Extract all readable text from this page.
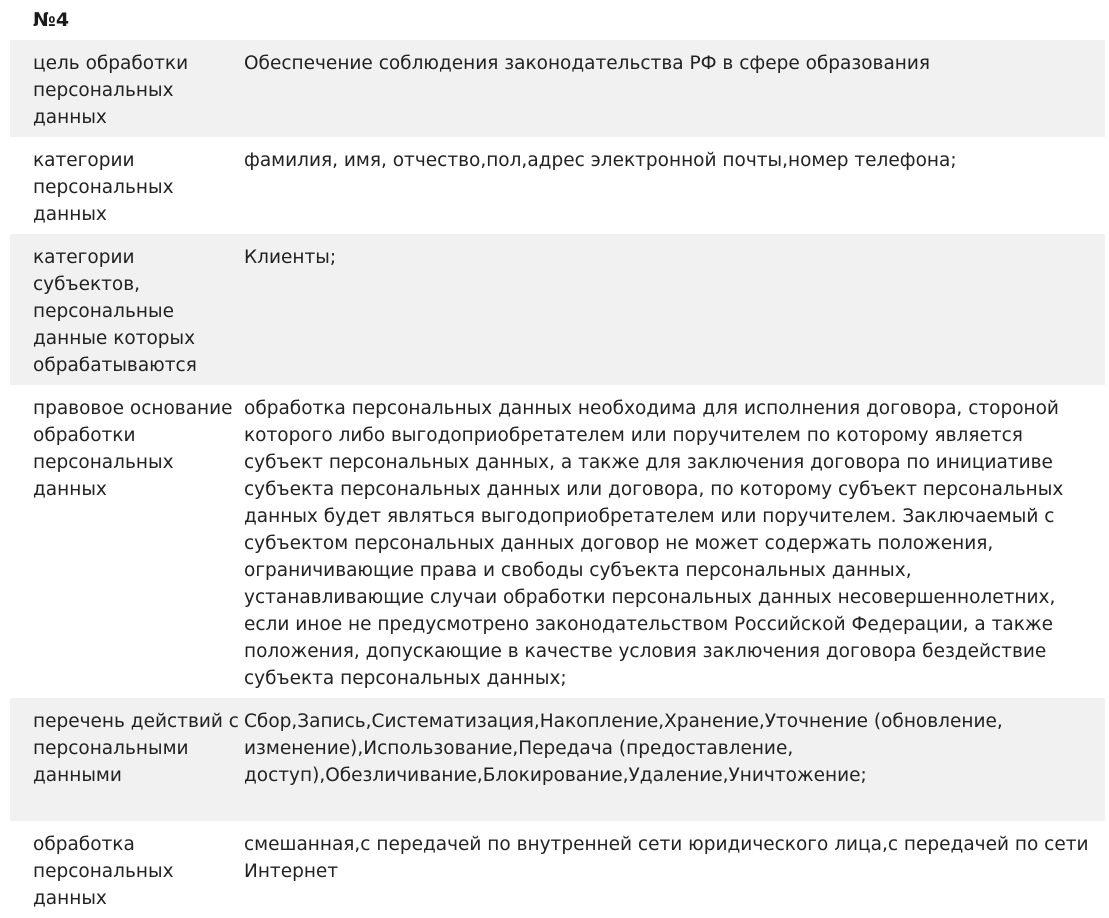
№4
цель обработки персональных данных	Обеспечение соблюдения законодательства РФ в сфере образования
категории персональных данных	фамилия, имя, отчество,пол,адрес электронной почты,номер телефона;
категории субъектов, персональные данные которых обрабатываются	Клиенты;
правовое основание обработки персональных данных	обработка персональных данных необходима для исполнения договора, стороной которого либо выгодоприобретателем или поручителем по которому является субъект персональных данных, а также для заключения договора по инициативе субъекта персональных данных или договора, по которому субъект персональных данных будет являться выгодоприобретателем или поручителем. Заключаемый с субъектом персональных данных договор не может содержать положения, ограничивающие права и свободы субъекта персональных данных, устанавливающие случаи обработки персональных данных несовершеннолетних, если иное не предусмотрено законодательством Российской Федерации, а также положения, допускающие в качестве условия заключения договора бездействие субъекта персональных данных;
перечень действий с персональными данными	Сбор,Запись,Систематизация,Накопление,Хранение,Уточнение (обновление, изменение),Использование,Передача (предоставление, доступ),Обезличивание,Блокирование,Удаление,Уничтожение;
обработка персональных данных	смешанная,с передачей по внутренней сети юридического лица,с передачей по сети Интернет
